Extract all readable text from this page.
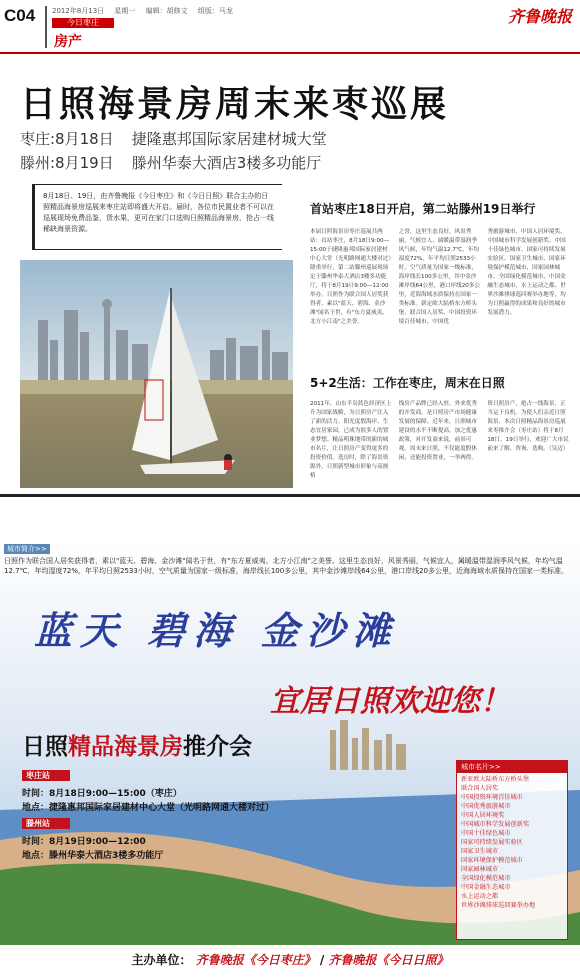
C04 2012年8月13日 星期一 编辑：胡修文 组版：马龙
今日枣庄
房产
齐鲁晚报
日照海景房周末来枣巡展
枣庄:8月18日 捷隆惠邦国际家居建材城大堂
滕州:8月19日 滕州华泰大酒店3楼多功能厅
8月18日、19日，由齐鲁晚报《今日枣庄》和《今日日照》联合主办的日照精品海景房巡展来枣庄站即将盛大开启。届时，各位市民置业者不可以在巡展现场免费品鉴，货水果，更可在家门口选购日照精品海景房，抢占一线稀缺海景资源。
首站枣庄18日开启，第二站滕州19日举行
本届日照海景房枣庄巡展共两站：首站枣庄，8月18日9:00—15:00于捷隆惠邦国际家居建材中心大堂（光明路网通大楼对过）隆重举行，第二站滕州巡展现场定于滕州华泰大酒店3楼多功能厅，将于8月19日9:00—12:00举办。日照作为联合国人居奖获得者，素以"蓝天、碧海、金沙滩"闻名于世，有"东方夏威夷、北方小江南"之美誉。
之誉，这里生态良好，风景秀丽，气候宜人，属暖温带湿润季风气候，年均气温12.7℃，年均湿度72%，年平均日照2533小时，空气质量为国家一级标准，海岸线长100多公里，其中金沙滩岸线64公里，港口岸线20多公里，近海海域水质保持在国家一类标准。新定欧大陆桥东方桥头堡，联合国人居奖、中国投资环境百佳城市、中国优
秀旅游城市、中国人居环境奖、中国城市科学发展创新奖、中国十佳绿色城市、国家可持续发展实验区、国家卫生城市、国家环境保护模范城市、国家园林城市、全国绿化模范城市、中国金融生态城市、水上运动之都、世界沙滩排球巡回赛举办地等，均为日照赢得的成果和良好的城市发展潜力。
5+2生活：工作在枣庄，周末在日照
2011年，山东半岛蓝色经济区上升为国家战略，为日照房产注入了新的活力。阳光度假海岸、生态宜居家园，已成为很多人的置业梦想。精品明珠地带的新的城市名片，让日照房产变得更多的投资价值。选房时，除了海景资源外，日照新型城市形象与高规格
线房产品牌已经入驻，外来优秀的开发商，是日照房产市场健康发展的保障。近年来，日照城市建设的水平不断提高，加之优惠政策，对开发商来说，前景可观。周末来日照，不仅能度假休闲，还能投资置业，一举两得。
资日照房产，抢占一线海景，正当运于良机。为使人们亲近日照海景，本次日照精品海景房巡展来枣推介会（枣庄站）将于8月18日、19日举行，欢迎广大市民前来了解、咨询、选购。（吴迈）
城市简介>>
日照作为联合国人居奖获得者，素以"蓝天、碧海、金沙滩"闻名于世，有"东方夏威夷、北方小江南"之美誉。这里生态良好，风景秀丽，气候宜人，属暖温带湿润季风气候，年均气温12.7℃，年均湿度72%，年平均日照2533小时，空气质量为国家一级标准，海岸线长100多公里，其中金沙滩岸线64公里，港口岸线20多公里，近海海域水质保持在国家一类标准。
蓝天 碧海 金沙滩
宜居日照欢迎您！
日照精品海景房推介会
枣庄站
时间：8月18日9:00—15:00（枣庄）
地点：捷隆惠邦国际家居建材中心大堂（光明路网通大楼对过）
滕州站
时间：8月19日9:00—12:00
地点：滕州华泰大酒店3楼多功能厅
城市名片>>
新亚欧大陆桥东方桥头堡
联合国人居奖
中国投资环境百佳城市
中国优秀旅游城市
中国人居环境奖
中国城市科学发展创新奖
中国十佳绿色城市
国家可持续发展实验区
国家卫生城市
国家环境保护模范城市
国家园林城市
全国绿化模范城市
中国金融生态城市
水上运动之都
世界沙滩排球巡回赛举办地
主办单位： 齐鲁晚报《今日枣庄》 / 齐鲁晚报《今日日照》
